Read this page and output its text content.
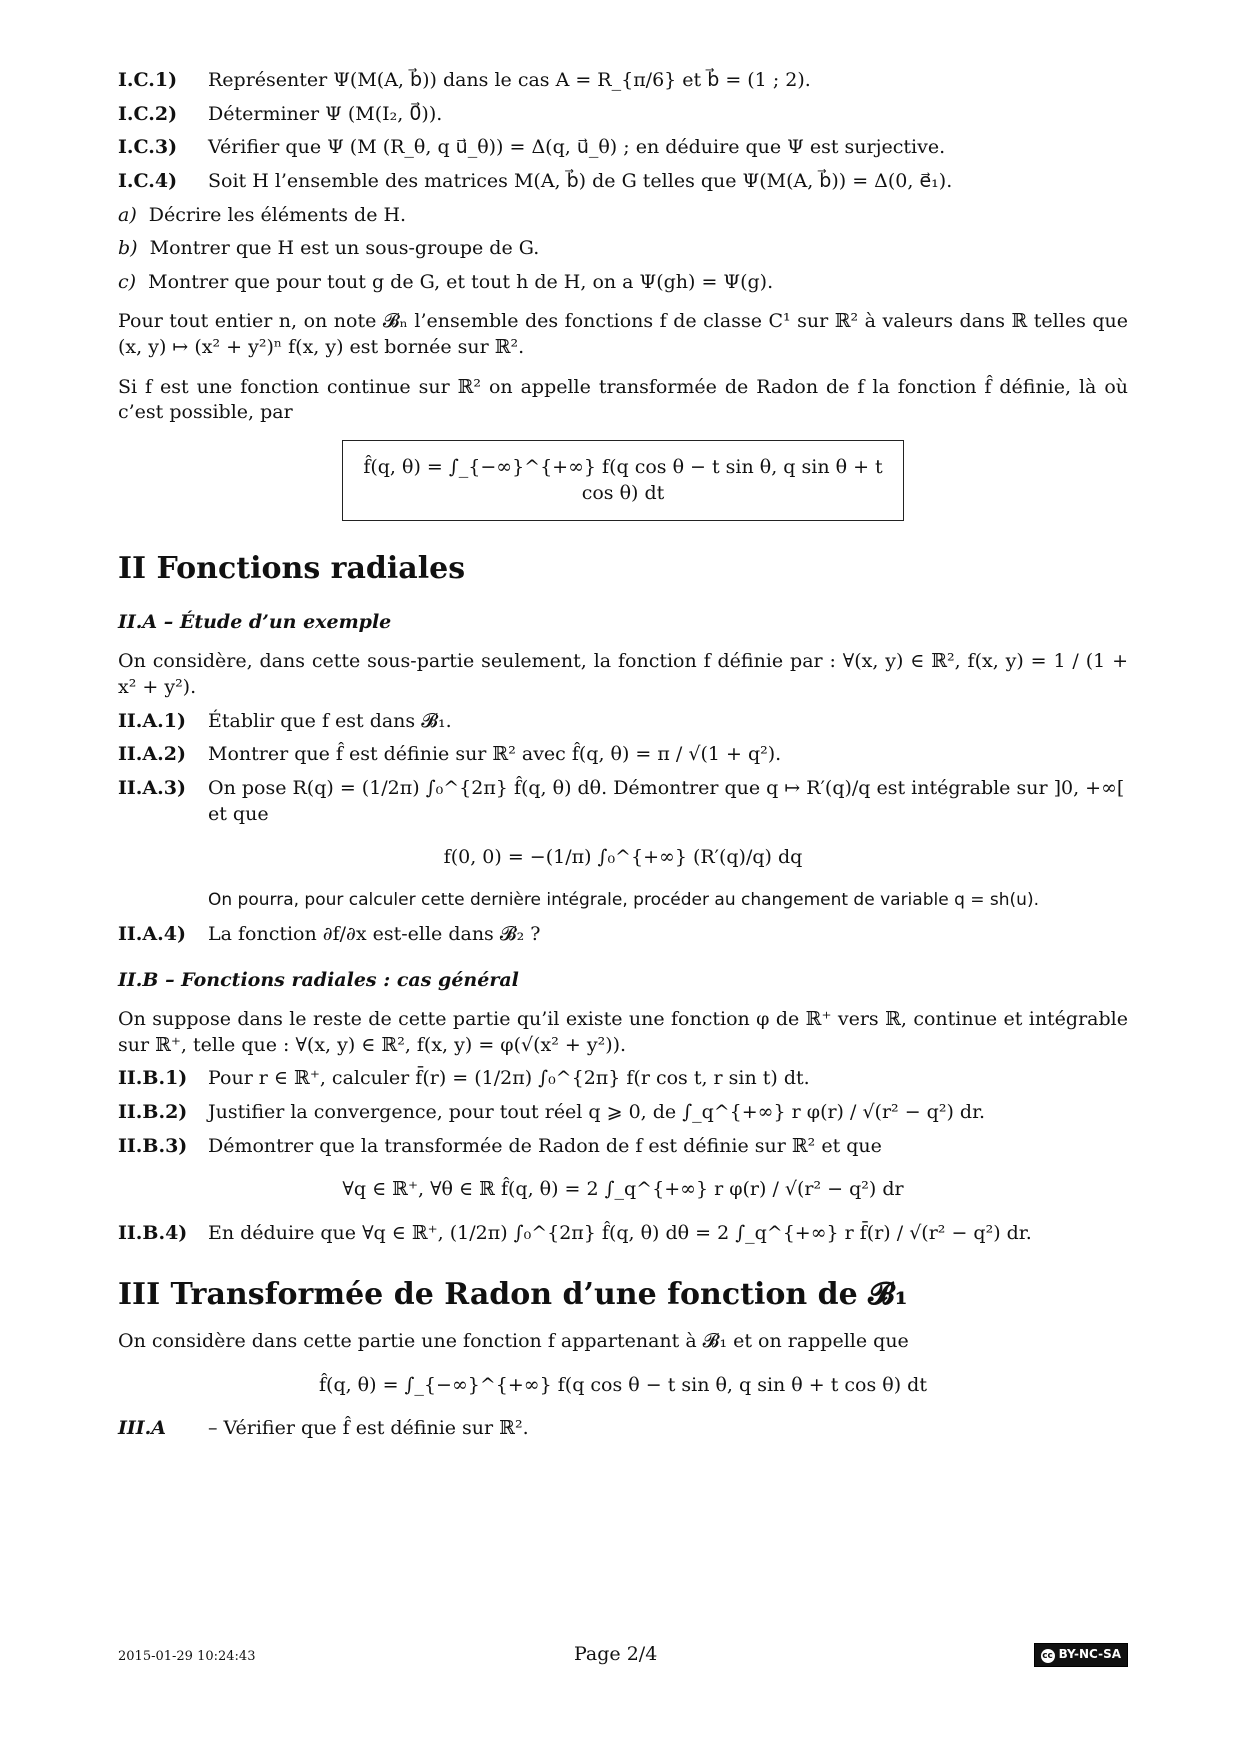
I.C.1)	Représenter Ψ(M(A, b⃗)) dans le cas A = R_{π/6} et b⃗ = (1 ; 2).
I.C.2)	Déterminer Ψ (M(I₂, 0⃗)).
I.C.3)	Vérifier que Ψ (M (R_θ, q u⃗_θ)) = Δ(q, u⃗_θ) ; en déduire que Ψ est surjective.
I.C.4)	Soit H l’ensemble des matrices M(A, b⃗) de G telles que Ψ(M(A, b⃗)) = Δ(0, e⃗₁).
a) Décrire les éléments de H.
b) Montrer que H est un sous-groupe de G.
c) Montrer que pour tout g de G, et tout h de H, on a Ψ(gh) = Ψ(g).

Pour tout entier n, on note 𝓑ₙ l’ensemble des fonctions f de classe C¹ sur ℝ² à valeurs dans ℝ telles que (x, y) ↦ (x² + y²)ⁿ f(x, y) est bornée sur ℝ².

Si f est une fonction continue sur ℝ² on appelle transformée de Radon de f la fonction f̂ définie, là où c’est possible, par

f̂(q, θ) = ∫_{−∞}^{+∞} f(q cos θ − t sin θ, q sin θ + t cos θ) dt
II Fonctions radiales
II.A – Étude d’un exemple

On considère, dans cette sous-partie seulement, la fonction f définie par : ∀(x, y) ∈ ℝ², f(x, y) = 1 / (1 + x² + y²).

II.A.1)	Établir que f est dans 𝓑₁.
II.A.2)	Montrer que f̂ est définie sur ℝ² avec f̂(q, θ) = π / √(1 + q²).
II.A.3)	On pose R(q) = (1/2π) ∫₀^{2π} f̂(q, θ) dθ. Démontrer que q ↦ R′(q)/q est intégrable sur ]0, +∞[ et que
f(0, 0) = −(1/π) ∫₀^{+∞} (R′(q)/q) dq
On pourra, pour calculer cette dernière intégrale, procéder au changement de variable q = sh(u).
II.A.4)	La fonction ∂f/∂x est-elle dans 𝓑₂ ?
II.B – Fonctions radiales : cas général

On suppose dans le reste de cette partie qu’il existe une fonction φ de ℝ⁺ vers ℝ, continue et intégrable sur ℝ⁺, telle que : ∀(x, y) ∈ ℝ², f(x, y) = φ(√(x² + y²)).

II.B.1)	Pour r ∈ ℝ⁺, calculer f̄(r) = (1/2π) ∫₀^{2π} f(r cos t, r sin t) dt.
II.B.2)	Justifier la convergence, pour tout réel q ⩾ 0, de ∫_q^{+∞} r φ(r) / √(r² − q²) dr.
II.B.3)	Démontrer que la transformée de Radon de f est définie sur ℝ² et que
∀q ∈ ℝ⁺, ∀θ ∈ ℝ f̂(q, θ) = 2 ∫_q^{+∞} r φ(r) / √(r² − q²) dr
II.B.4)	En déduire que ∀q ∈ ℝ⁺, (1/2π) ∫₀^{2π} f̂(q, θ) dθ = 2 ∫_q^{+∞} r f̄(r) / √(r² − q²) dr.
III Transformée de Radon d’une fonction de 𝓑₁

On considère dans cette partie une fonction f appartenant à 𝓑₁ et on rappelle que

f̂(q, θ) = ∫_{−∞}^{+∞} f(q cos θ − t sin θ, q sin θ + t cos θ) dt
III.A	– Vérifier que f̂ est définie sur ℝ².
2015-01-29 10:24:43	Page 2/4	cc BY-NC-SA
